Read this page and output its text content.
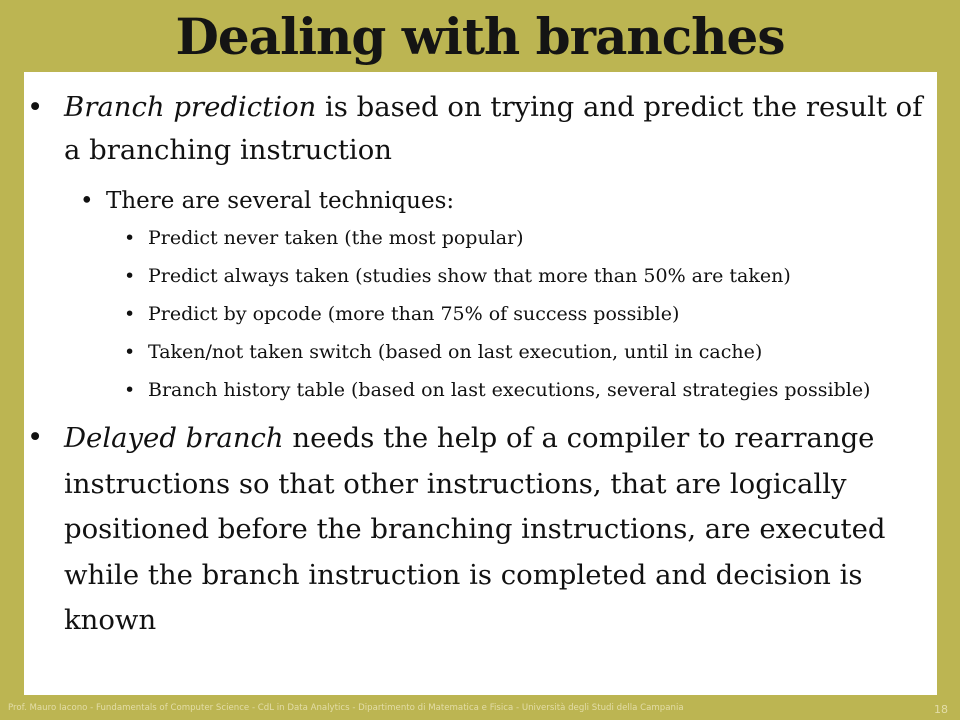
Dealing with branches
• Branch prediction is based on trying and predict the result of a branching instruction
• There are several techniques:
• Predict never taken (the most popular)
• Predict always taken (studies show that more than 50% are taken)
• Predict by opcode (more than 75% of success possible)
• Taken/not taken switch (based on last execution, until in cache)
• Branch history table (based on last executions, several strategies possible)
• Delayed branch needs the help of a compiler to rearrange instructions so that other instructions, that are logically positioned before the branching instructions, are executed while the branch instruction is completed and decision is known
Prof. Mauro Iacono - Fundamentals of Computer Science - CdL in Data Analytics - Dipartimento di Matematica e Fisica - Università degli Studi della Campania	18
